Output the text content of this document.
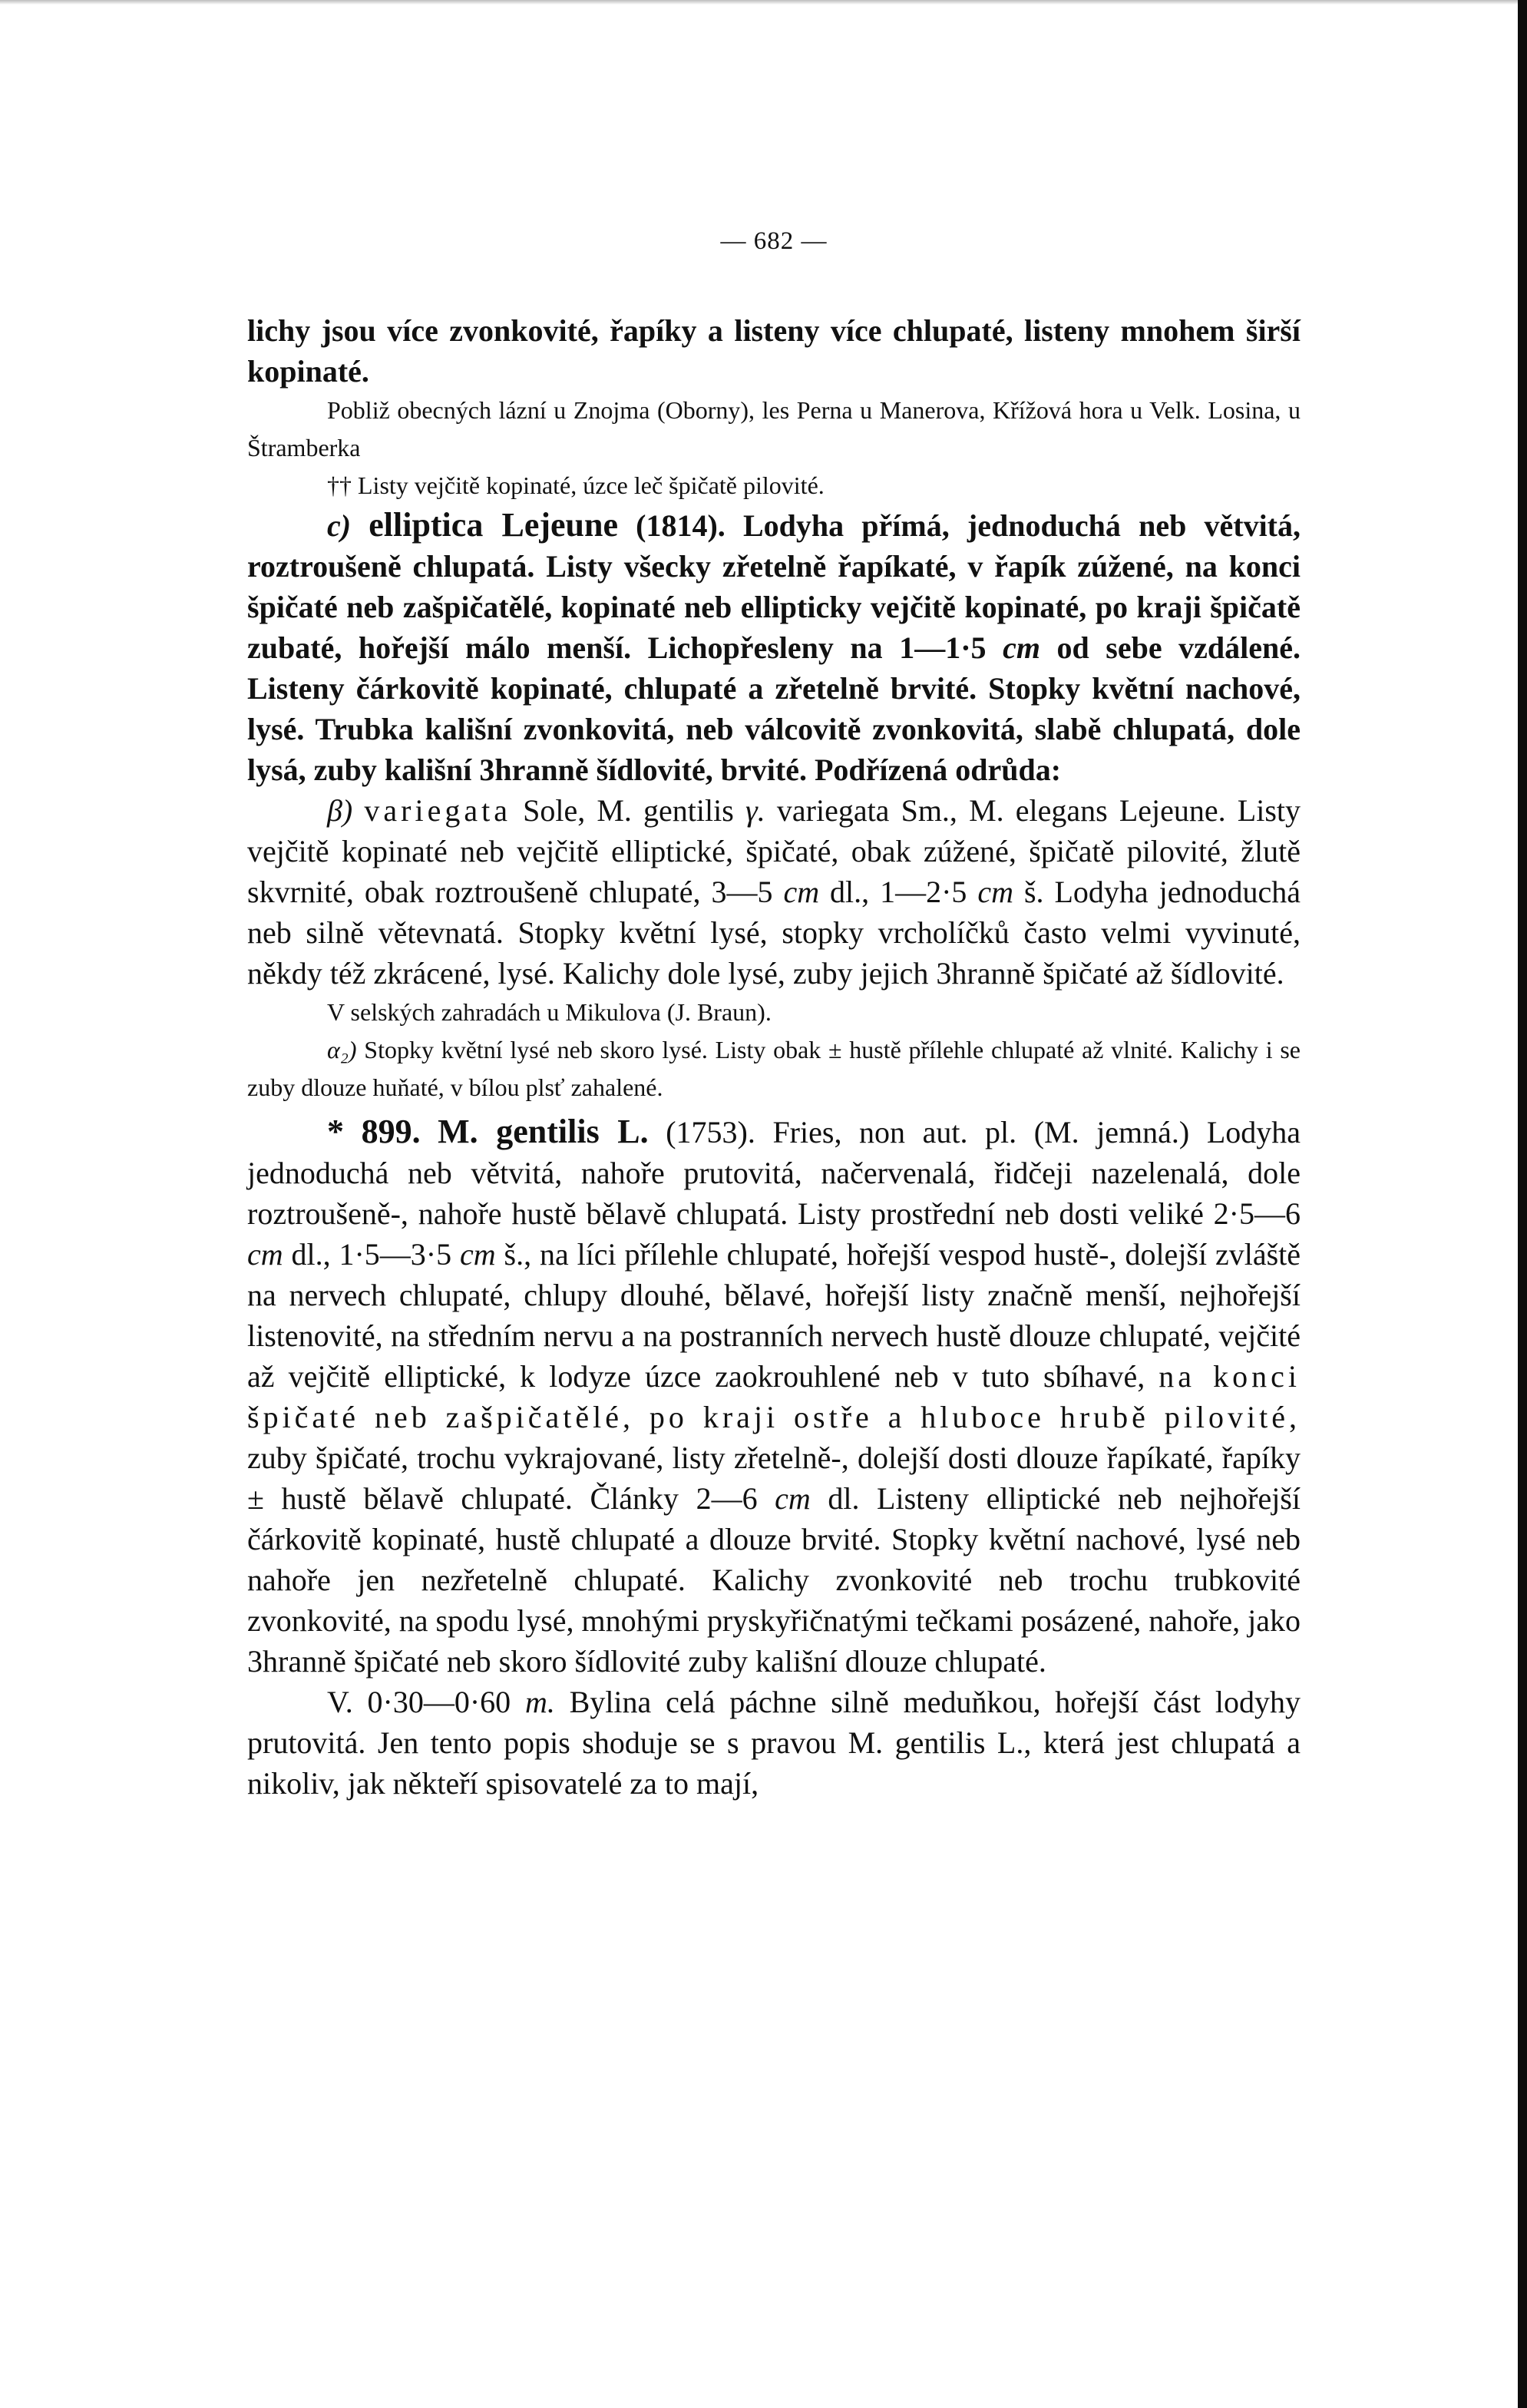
— 682 —

lichy jsou více zvonkovité, řapíky a listeny více chlupaté, listeny mnohem širší kopinaté.

Pobliž obecných lázní u Znojma (Oborny), les Perna u Manerova, Křížová hora u Velk. Losina, u Štramberka

†† Listy vejčitě kopinaté, úzce leč špičatě pilovité.

c) elliptica Lejeune (1814). Lodyha přímá, jednoduchá neb větvitá, roztroušeně chlupatá. Listy všecky zřetelně řapíkaté, v řapík zúžené, na konci špičaté neb zašpičatělé, kopinaté neb ellipticky vejčitě kopinaté, po kraji špičatě zubaté, hořejší málo menší. Lichopřesleny na 1—1·5 cm od sebe vzdálené. Listeny čárkovitě kopinaté, chlupaté a zřetelně brvité. Stopky květní nachové, lysé. Trubka kališní zvonkovitá, neb válcovitě zvonkovitá, slabě chlupatá, dole lysá, zuby kališní 3hranně šídlovité, brvité. Podřízená odrůda:

β) variegata Sole, M. gentilis γ. variegata Sm., M. elegans Lejeune. Listy vejčitě kopinaté neb vejčitě elliptické, špičaté, obak zúžené, špičatě pilovité, žlutě skvrnité, obak roztroušeně chlupaté, 3—5 cm dl., 1—2·5 cm š. Lodyha jednoduchá neb silně větevnatá. Stopky květní lysé, stopky vrcholíčků často velmi vyvinuté, někdy též zkrácené, lysé. Kalichy dole lysé, zuby jejich 3hranně špičaté až šídlovité.

V selských zahradách u Mikulova (J. Braun).

α₂) Stopky květní lysé neb skoro lysé. Listy obak ± hustě přílehle chlupaté až vlnité. Kalichy i se zuby dlouze huňaté, v bílou plsť zahalené.

* 899. M. gentilis L. (1753). Fries, non aut. pl. (M. jemná.) Lodyha jednoduchá neb větvitá, nahoře prutovitá, načervenalá, řidčeji nazelenalá, dole roztroušeně-, nahoře hustě bělavě chlupatá. Listy prostřední neb dosti veliké 2·5—6 cm dl., 1·5—3·5 cm š., na líci přílehle chlupaté, hořejší vespod hustě-, dolejší zvláště na nervech chlupaté, chlupy dlouhé, bělavé, hořejší listy značně menší, nejhořejší listenovité, na středním nervu a na postranních nervech hustě dlouze chlupaté, vejčité až vejčitě elliptické, k lodyze úzce zaokrouhlené neb v tuto sbíhavé, na konci špičaté neb zašpičatělé, po kraji ostře a hluboce hrubě pilovité, zuby špičaté, trochu vykrajované, listy zřetelně-, dolejší dosti dlouze řapíkaté, řapíky ± hustě bělavě chlupaté. Články 2—6 cm dl. Listeny elliptické neb nejhořejší čárkovitě kopinaté, hustě chlupaté a dlouze brvité. Stopky květní nachové, lysé neb nahoře jen nezřetelně chlupaté. Kalichy zvonkovité neb trochu trubkovité zvonkovité, na spodu lysé, mnohými pryskyřičnatými tečkami posázené, nahoře, jako 3hranně špičaté neb skoro šídlovité zuby kališní dlouze chlupaté.

V. 0·30—0·60 m. Bylina celá páchne silně meduňkou, hořejší část lodyhy prutovitá. Jen tento popis shoduje se s pravou M. gentilis L., která jest chlupatá a nikoliv, jak někteří spisovatelé za to mají,
